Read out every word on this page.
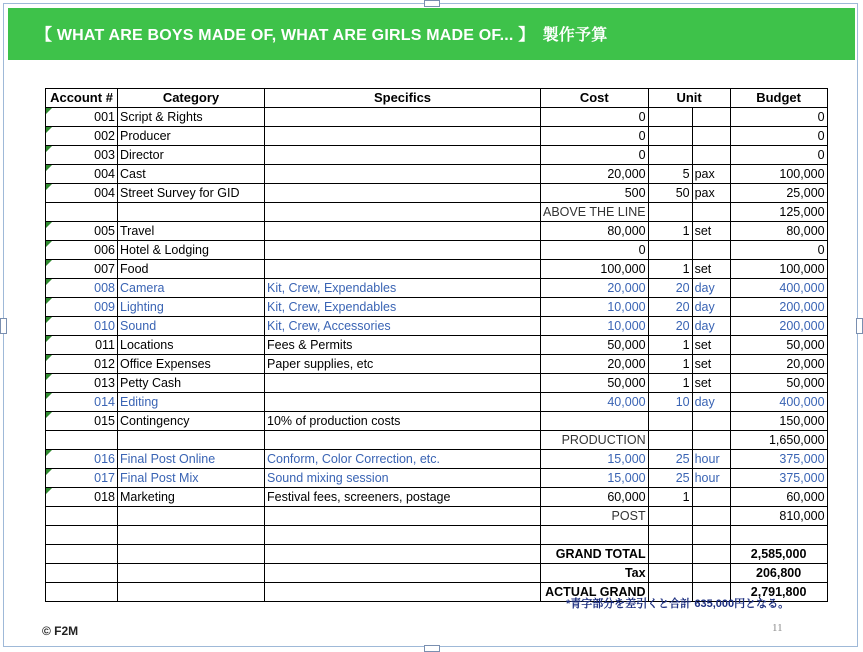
【 WHAT ARE BOYS MADE OF, WHAT ARE GIRLS MADE OF... 】　製作予算
Account #	Category	Specifics	Cost	Unit		Budget

001	Script & Rights		0			0

002	Producer		0			0

003	Director		0			0

004	Cast		20,000	5	pax	100,000

004	Street Survey for GID		500	50	pax	25,000
			ABOVE THE LINE			125,000

005	Travel		80,000	1	set	80,000

006	Hotel & Lodging		0			0

007	Food		100,000	1	set	100,000

008	Camera	Kit, Crew, Expendables	20,000	20	day	400,000

009	Lighting	Kit, Crew, Expendables	10,000	20	day	200,000

010	Sound	Kit, Crew, Accessories	10,000	20	day	200,000

011	Locations	Fees & Permits	50,000	1	set	50,000

012	Office Expenses	Paper supplies, etc	20,000	1	set	20,000

013	Petty Cash		50,000	1	set	50,000

014	Editing		40,000	10	day	400,000

015	Contingency	10% of production costs				150,000
			PRODUCTION			1,650,000

016	Final Post Online	Conform, Color Correction, etc.	15,000	25	hour	375,000

017	Final Post Mix	Sound mixing session	15,000	25	hour	375,000

018	Marketing	Festival fees, screeners, postage	60,000	1		60,000
			POST			810,000

			GRAND TOTAL			2,585,000
			Tax			206,800
			ACTUAL GRAND			2,791,800
*青字部分を差引くと合計 635,000円となる。
© F2M	11
